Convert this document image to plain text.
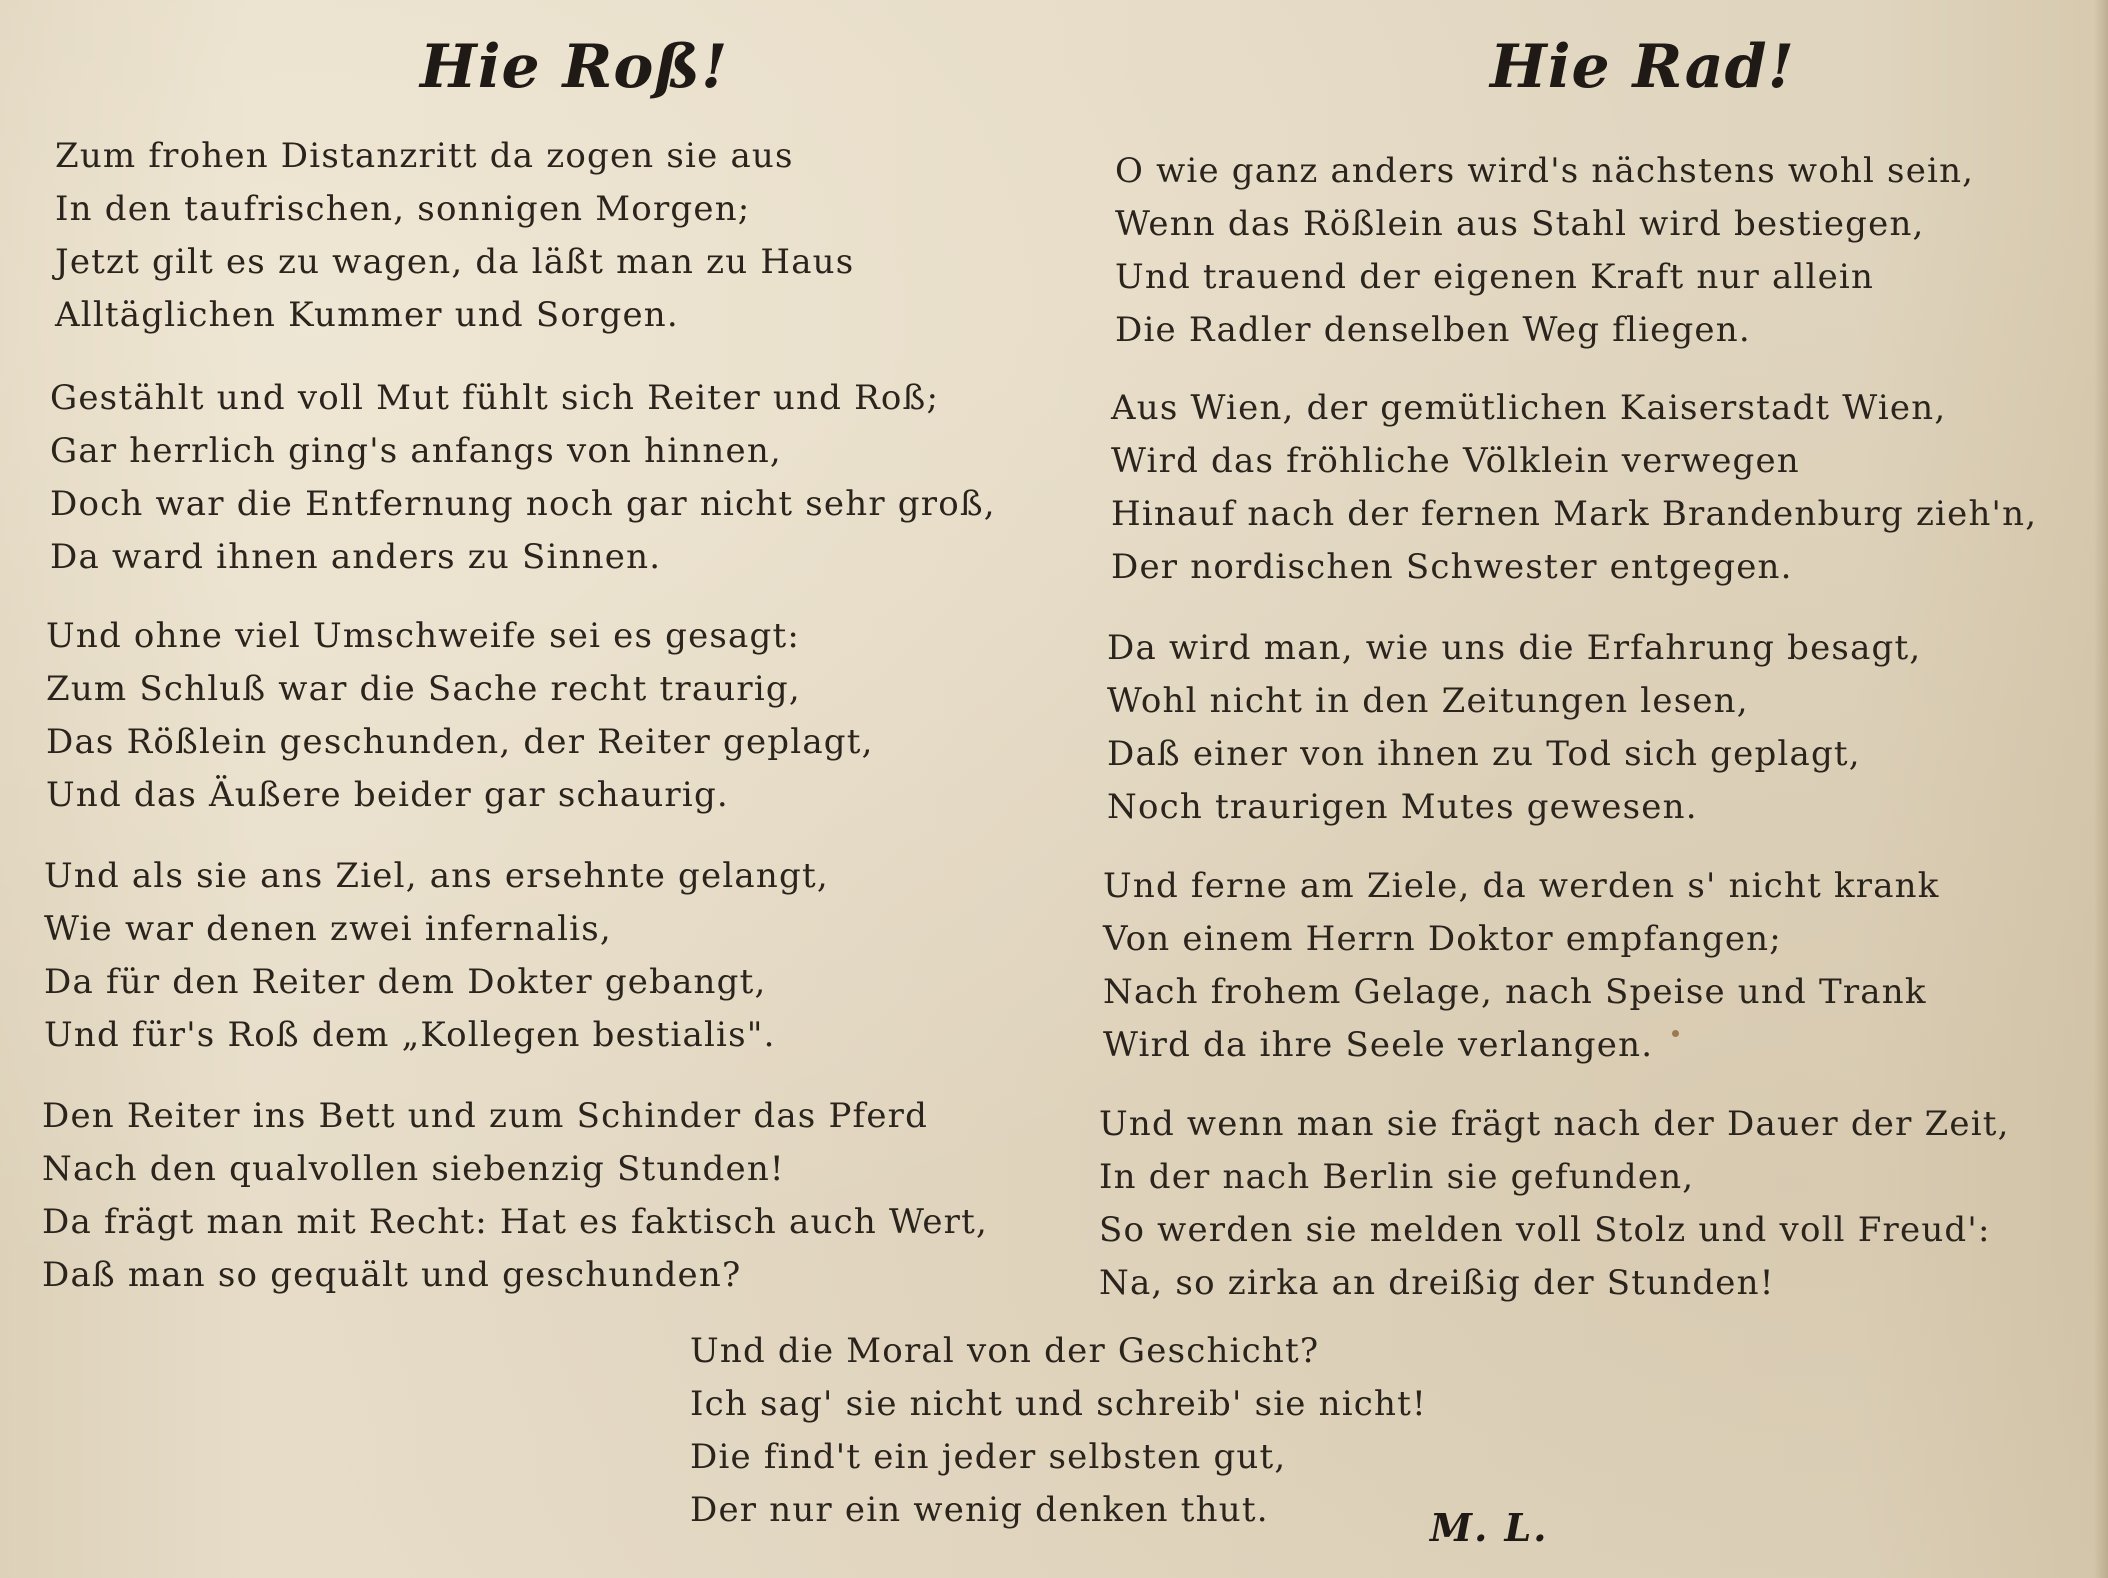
Hie Roß!
Zum frohen Distanzritt da zogen sie aus
In den taufrischen, sonnigen Morgen;
Jetzt gilt es zu wagen, da läßt man zu Haus
Alltäglichen Kummer und Sorgen.
Gestählt und voll Mut fühlt sich Reiter und Roß;
Gar herrlich ging's anfangs von hinnen,
Doch war die Entfernung noch gar nicht sehr groß,
Da ward ihnen anders zu Sinnen.
Und ohne viel Umschweife sei es gesagt:
Zum Schluß war die Sache recht traurig,
Das Rößlein geschunden, der Reiter geplagt,
Und das Äußere beider gar schaurig.
Und als sie ans Ziel, ans ersehnte gelangt,
Wie war denen zwei infernalis,
Da für den Reiter dem Dokter gebangt,
Und für's Roß dem „Kollegen bestialis".
Den Reiter ins Bett und zum Schinder das Pferd
Nach den qualvollen siebenzig Stunden!
Da frägt man mit Recht: Hat es faktisch auch Wert,
Daß man so gequält und geschunden?
Hie Rad!
O wie ganz anders wird's nächstens wohl sein,
Wenn das Rößlein aus Stahl wird bestiegen,
Und trauend der eigenen Kraft nur allein
Die Radler denselben Weg fliegen.
Aus Wien, der gemütlichen Kaiserstadt Wien,
Wird das fröhliche Völklein verwegen
Hinauf nach der fernen Mark Brandenburg zieh'n,
Der nordischen Schwester entgegen.
Da wird man, wie uns die Erfahrung besagt,
Wohl nicht in den Zeitungen lesen,
Daß einer von ihnen zu Tod sich geplagt,
Noch traurigen Mutes gewesen.
Und ferne am Ziele, da werden s' nicht krank
Von einem Herrn Doktor empfangen;
Nach frohem Gelage, nach Speise und Trank
Wird da ihre Seele verlangen.
Und wenn man sie frägt nach der Dauer der Zeit,
In der nach Berlin sie gefunden,
So werden sie melden voll Stolz und voll Freud':
Na, so zirka an dreißig der Stunden!
Und die Moral von der Geschicht?
Ich sag' sie nicht und schreib' sie nicht!
Die find't ein jeder selbsten gut,
Der nur ein wenig denken thut.	M. L.
